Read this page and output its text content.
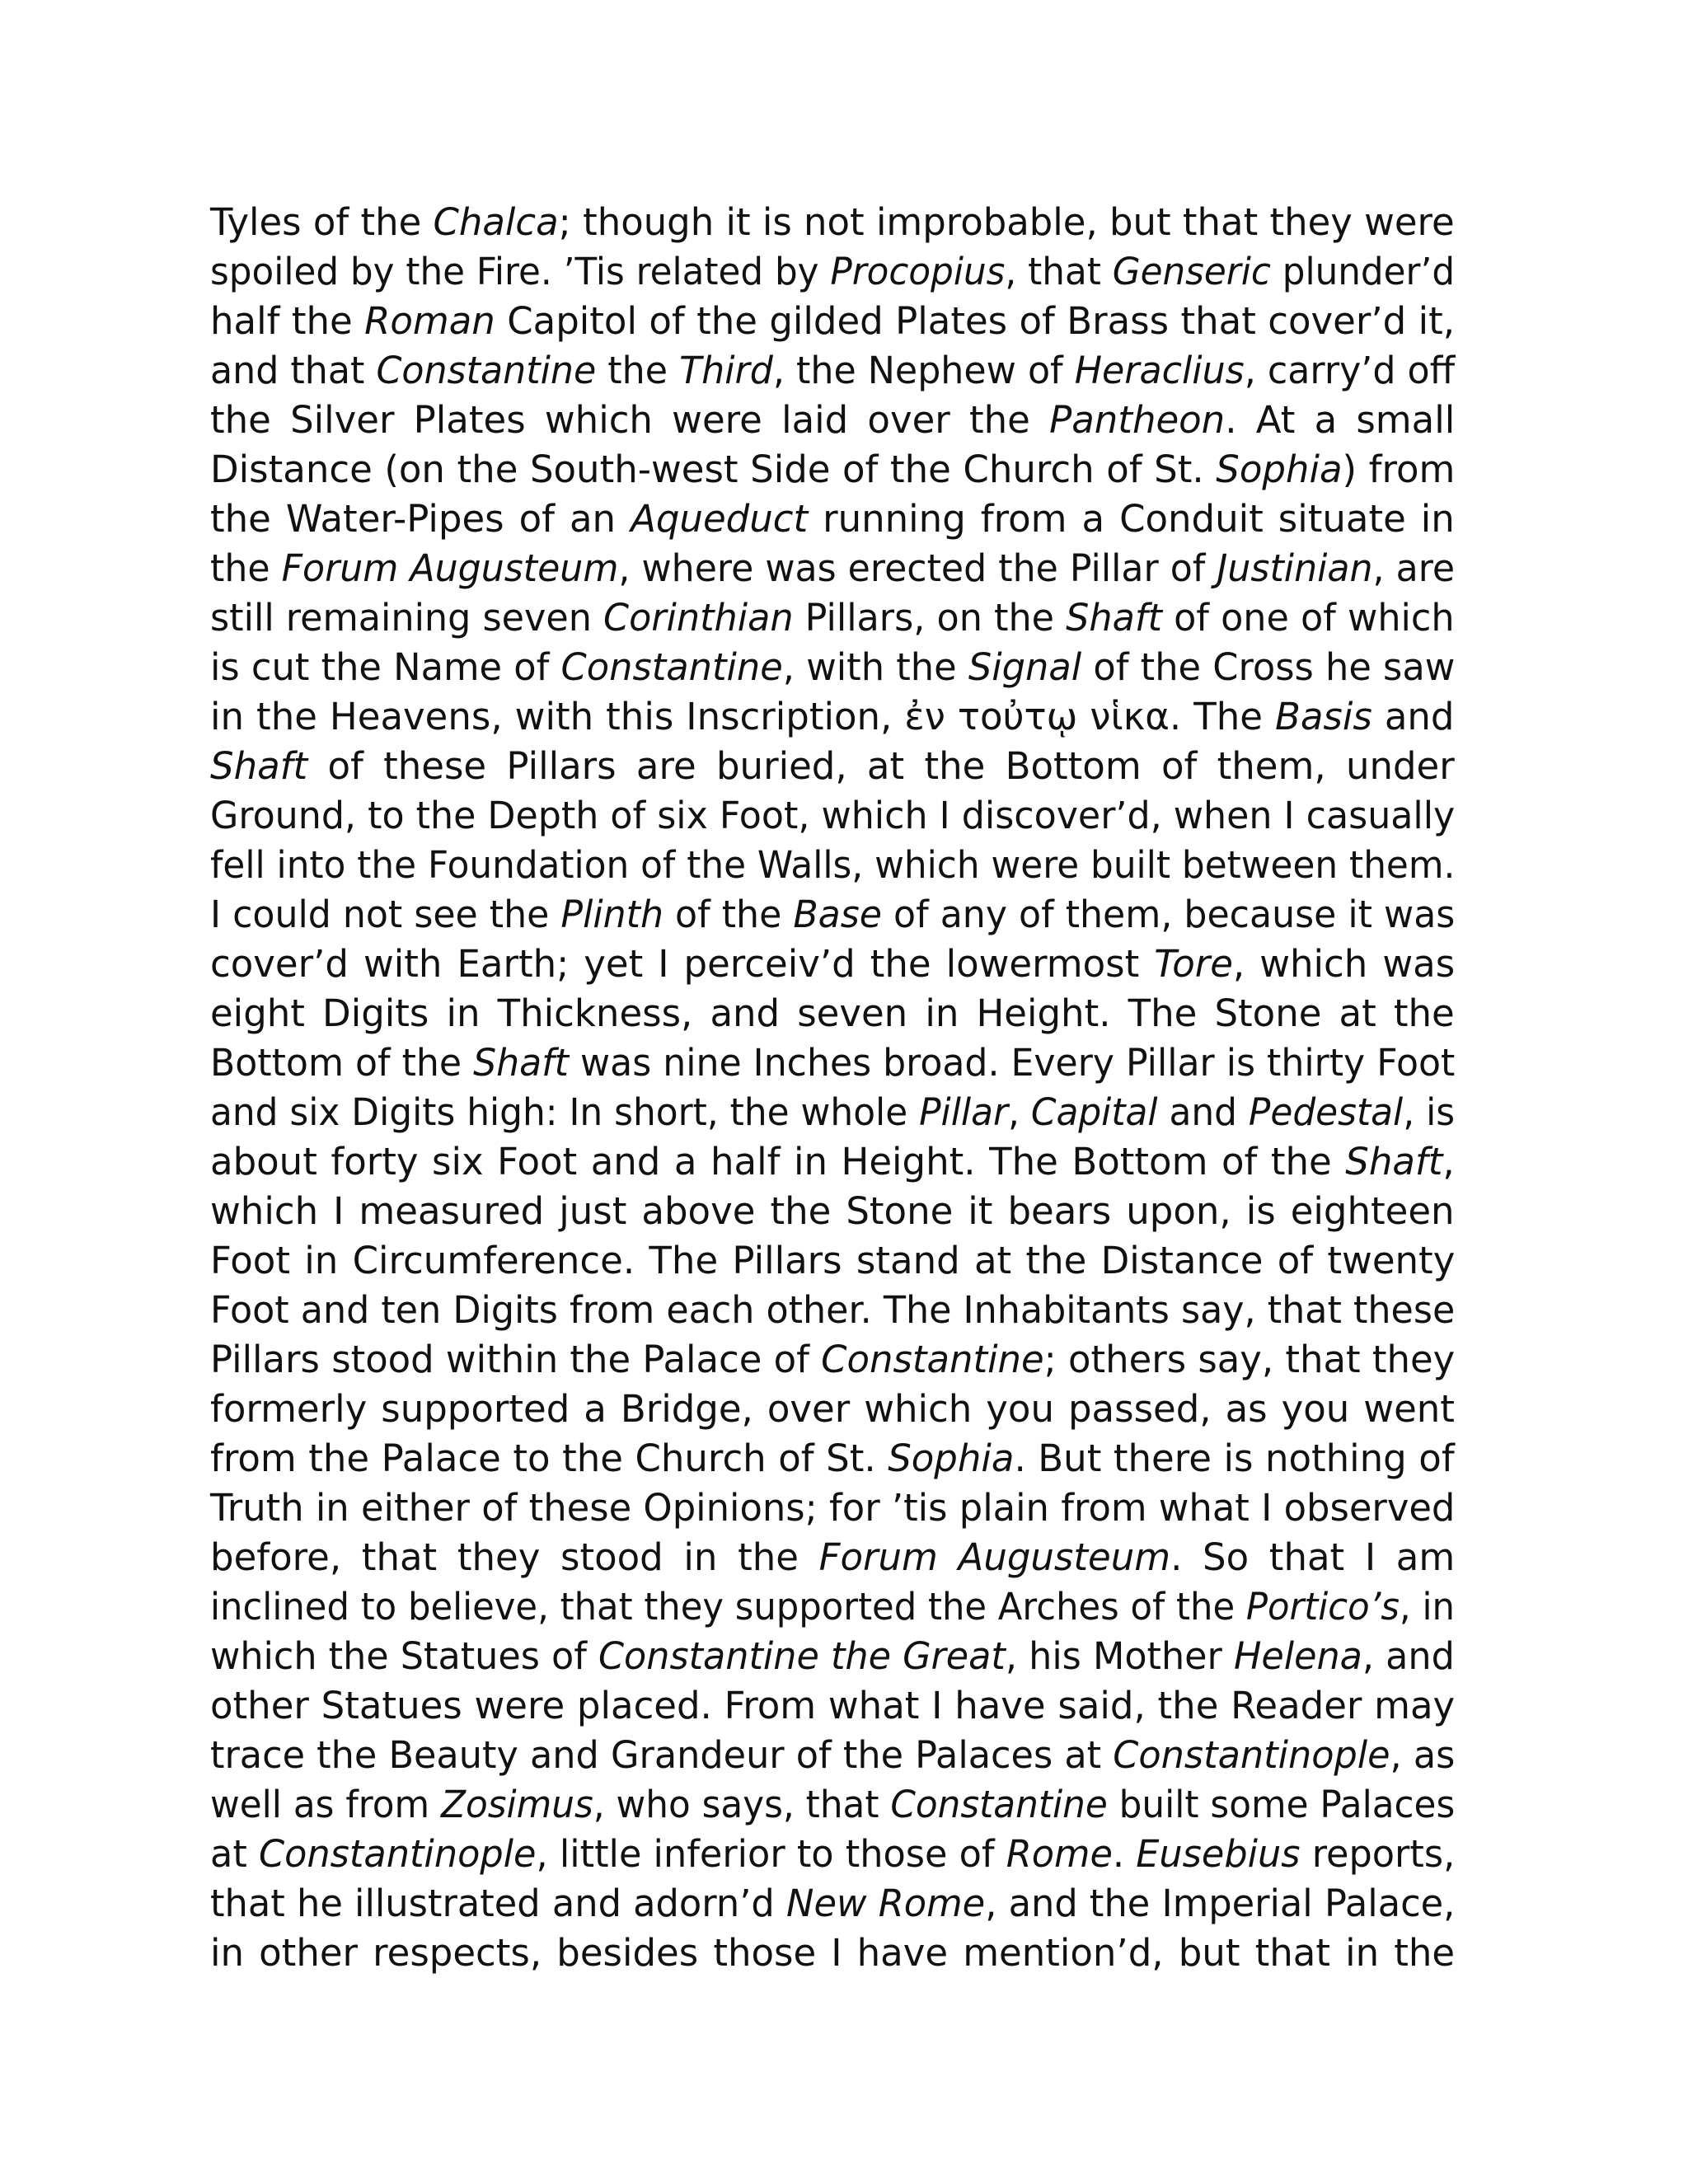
Tyles of the Chalca; though it is not improbable, but that they were
spoiled by the Fire. ’Tis related by Procopius, that Genseric plunder’d
half the Roman Capitol of the gilded Plates of Brass that cover’d it,
and that Constantine the Third, the Nephew of Heraclius, carry’d off
the Silver Plates which were laid over the Pantheon. At a small
Distance (on the South-west Side of the Church of St. Sophia) from
the Water-Pipes of an Aqueduct running from a Conduit situate in
the Forum Augusteum, where was erected the Pillar of Justinian, are
still remaining seven Corinthian Pillars, on the Shaft of one of which
is cut the Name of Constantine, with the Signal of the Cross he saw
in the Heavens, with this Inscription, ἐν τοὐτῳ νἱκα. The Basis and
Shaft of these Pillars are buried, at the Bottom of them, under
Ground, to the Depth of six Foot, which I discover’d, when I casually
fell into the Foundation of the Walls, which were built between them.
I could not see the Plinth of the Base of any of them, because it was
cover’d with Earth; yet I perceiv’d the lowermost Tore, which was
eight Digits in Thickness, and seven in Height. The Stone at the
Bottom of the Shaft was nine Inches broad. Every Pillar is thirty Foot
and six Digits high: In short, the whole Pillar, Capital and Pedestal, is
about forty six Foot and a half in Height. The Bottom of the Shaft,
which I measured just above the Stone it bears upon, is eighteen
Foot in Circumference. The Pillars stand at the Distance of twenty
Foot and ten Digits from each other. The Inhabitants say, that these
Pillars stood within the Palace of Constantine; others say, that they
formerly supported a Bridge, over which you passed, as you went
from the Palace to the Church of St. Sophia. But there is nothing of
Truth in either of these Opinions; for ’tis plain from what I observed
before, that they stood in the Forum Augusteum. So that I am
inclined to believe, that they supported the Arches of the Portico’s, in
which the Statues of Constantine the Great, his Mother Helena, and
other Statues were placed. From what I have said, the Reader may
trace the Beauty and Grandeur of the Palaces at Constantinople, as
well as from Zosimus, who says, that Constantine built some Palaces
at Constantinople, little inferior to those of Rome. Eusebius reports,
that he illustrated and adorn’d New Rome, and the Imperial Palace,
in other respects, besides those I have mention’d, but that in the
